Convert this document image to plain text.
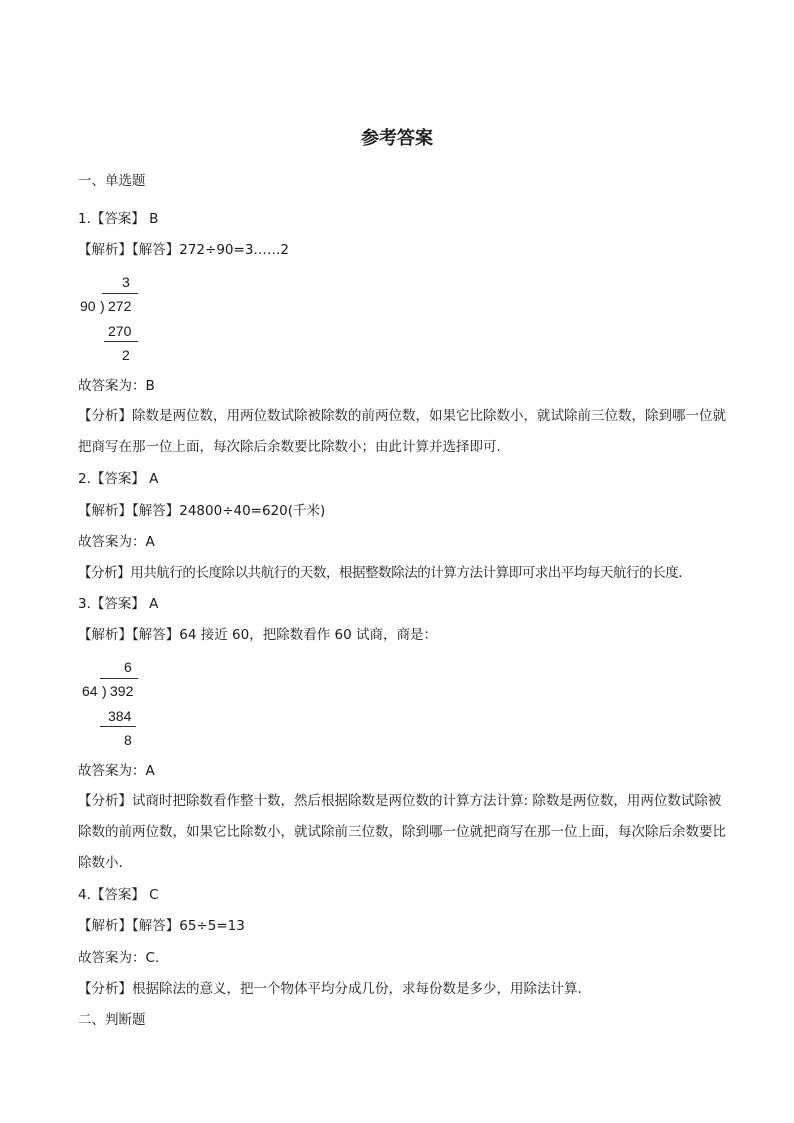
参考答案
一、单选题
1.【答案】 B
【解析】【解答】272÷90=3……2
3
90 ) 272
270
2
故答案为：B
【分析】除数是两位数，用两位数试除被除数的前两位数，如果它比除数小，就试除前三位数，除到哪一位就把商写在那一位上面，每次除后余数要比除数小；由此计算并选择即可.
2.【答案】 A
【解析】【解答】24800÷40=620(千米)
故答案为：A
【分析】用共航行的长度除以共航行的天数，根据整数除法的计算方法计算即可求出平均每天航行的长度.
3.【答案】 A
【解析】【解答】64 接近 60，把除数看作 60 试商，商是：
6
64 ) 392
384
8
故答案为：A
【分析】试商时把除数看作整十数，然后根据除数是两位数的计算方法计算: 除数是两位数，用两位数试除被除数的前两位数，如果它比除数小，就试除前三位数，除到哪一位就把商写在那一位上面，每次除后余数要比除数小.
4.【答案】 C
【解析】【解答】65÷5=13
故答案为：C.
【分析】根据除法的意义，把一个物体平均分成几份，求每份数是多少，用除法计算.
二、判断题
